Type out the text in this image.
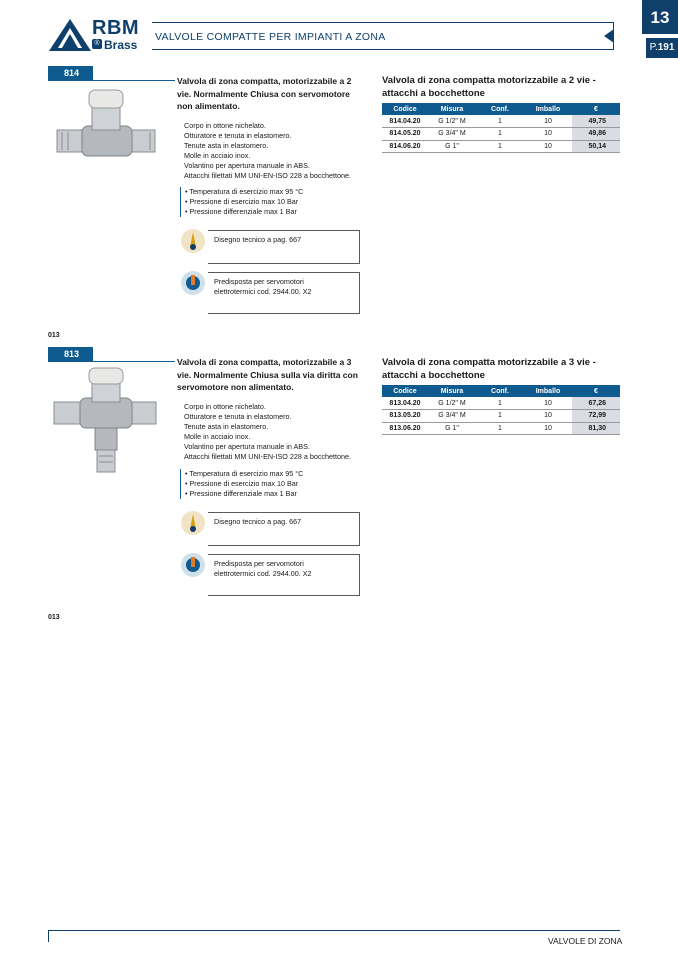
RBM
® Brass
VALVOLE COMPATTE PER IMPIANTI A ZONA
13
P.191
814
Valvola di zona compatta, motorizzabile a 2 vie. Normalmente Chiusa con servomotore non alimentato.
Corpo in ottone nichelato.
Otturatore e tenuta in elastomero.
Tenute asta in elastomero.
Molle in acciaio inox.
Volantino per apertura manuale in ABS.
Attacchi filettati MM UNI-EN-ISO 228 a bocchettone.
• Temperatura di esercizio max 95 °C
• Pressione di esercizio max 10 Bar
• Pressione differenziale max 1 Bar
Disegno tecnico a pag. 667
Predisposta per servomotori
elettrotermici cod. 2944.00. X2
Valvola di zona compatta motorizzabile a 2 vie - attacchi a bocchettone
Codice	Misura	Conf.	Imballo	€
814.04.20	G 1/2" M	1	10	49,75
814.05.20	G 3/4" M	1	10	49,86
814.06.20	G 1"	1	10	50,14
013
813
Valvola di zona compatta, motorizzabile a 3 vie. Normalmente Chiusa sulla via diritta con servomotore non alimentato.
Corpo in ottone nichelato.
Otturatore e tenuta in elastomero.
Tenute asta in elastomero.
Molle in acciaio inox.
Volantino per apertura manuale in ABS.
Attacchi filettati MM UNI-EN-ISO 228 a bocchettone.
• Temperatura di esercizio max 95 °C
• Pressione di esercizio max 10 Bar
• Pressione differenziale max 1 Bar
Disegno tecnico a pag. 667
Predisposta per servomotori
elettrotermici cod. 2944.00. X2
Valvola di zona compatta motorizzabile a 3 vie - attacchi a bocchettone
Codice	Misura	Conf.	Imballo	€
813.04.20	G 1/2" M	1	10	67,26
813.05.20	G 3/4" M	1	10	72,99
813.06.20	G 1"	1	10	81,30
013
VALVOLE DI ZONA
